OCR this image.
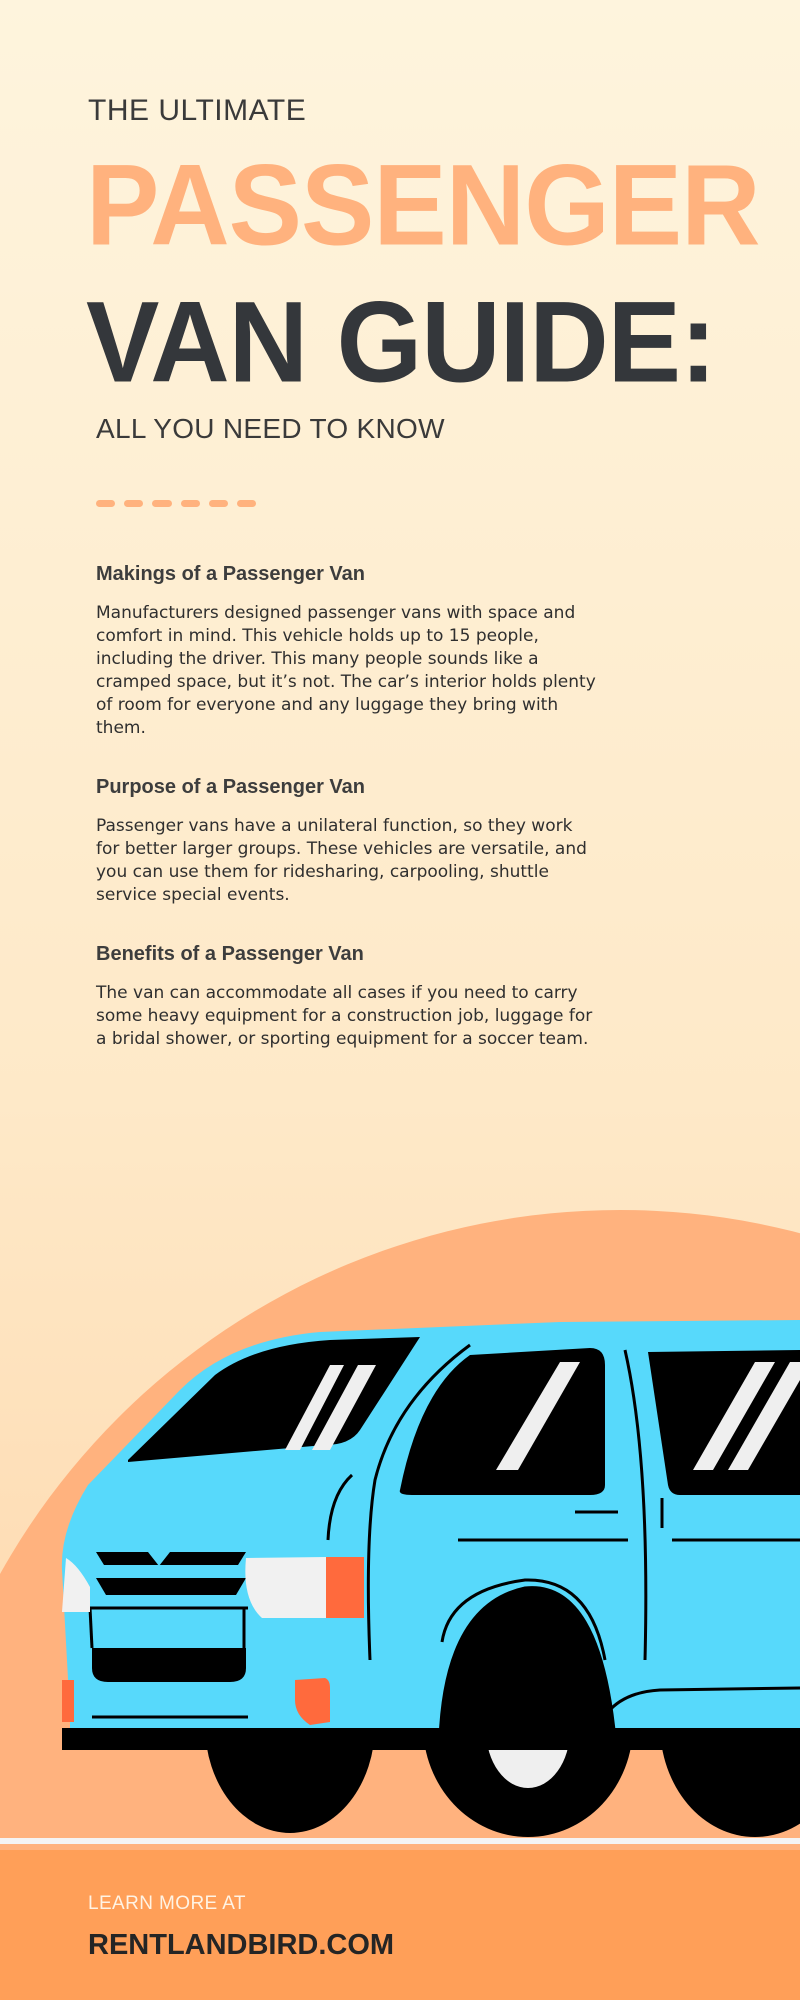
THE ULTIMATE

PASSENGER
VAN GUIDE:

ALL YOU NEED TO KNOW

Makings of a Passenger Van

Manufacturers designed passenger vans with space and comfort in mind. This vehicle holds up to 15 people, including the driver. This many people sounds like a cramped space, but it’s not. The car’s interior holds plenty of room for everyone and any luggage they bring with them.

Purpose of a Passenger Van

Passenger vans have a unilateral function, so they work for better larger groups. These vehicles are versatile, and you can use them for ridesharing, carpooling, shuttle service special events.

Benefits of a Passenger Van

The van can accommodate all cases if you need to carry some heavy equipment for a construction job, luggage for a bridal shower, or sporting equipment for a soccer team.

LEARN MORE AT

RENTLANDBIRD.COM
